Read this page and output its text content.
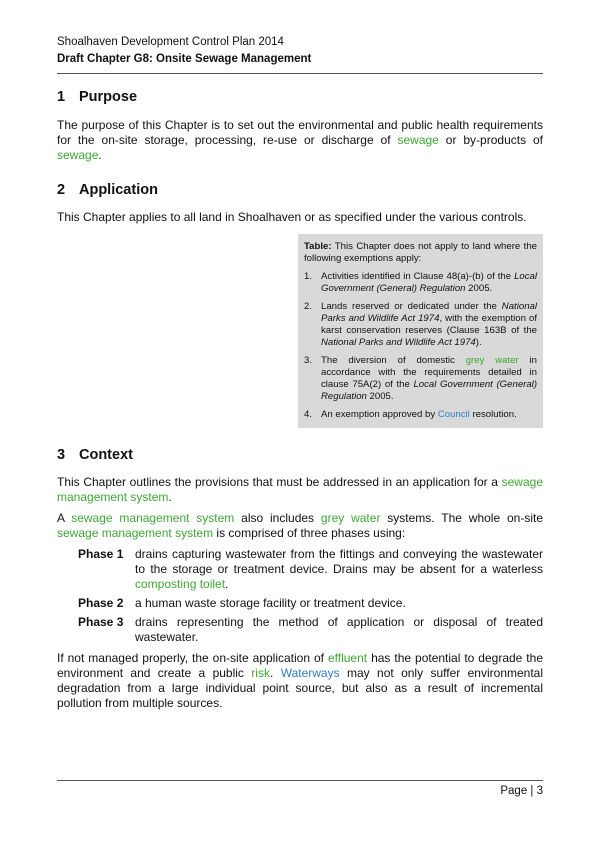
Shoalhaven Development Control Plan 2014
Draft Chapter G8: Onsite Sewage Management
1 Purpose

The purpose of this Chapter is to set out the environmental and public health requirements for the on-site storage, processing, re-use or discharge of sewage or by-products of sewage.

2 Application

This Chapter applies to all land in Shoalhaven or as specified under the various controls.

Table: This Chapter does not apply to land where the following exemptions apply:
1. Activities identified in Clause 48(a)-(b) of the Local Government (General) Regulation 2005.
2. Lands reserved or dedicated under the National Parks and Wildlife Act 1974, with the exemption of karst conservation reserves (Clause 163B of the National Parks and Wildlife Act 1974).
3. The diversion of domestic grey water in accordance with the requirements detailed in clause 75A(2) of the Local Government (General) Regulation 2005.
4. An exemption approved by Council resolution.
3 Context

This Chapter outlines the provisions that must be addressed in an application for a sewage management system.

A sewage management system also includes grey water systems. The whole on-site sewage management system is comprised of three phases using:

Phase 1 drains capturing wastewater from the fittings and conveying the wastewater to the storage or treatment device. Drains may be absent for a waterless composting toilet.
Phase 2 a human waste storage facility or treatment device.
Phase 3 drains representing the method of application or disposal of treated wastewater.

If not managed properly, the on-site application of effluent has the potential to degrade the environment and create a public risk. Waterways may not only suffer environmental degradation from a large individual point source, but also as a result of incremental pollution from multiple sources.

Page | 3
